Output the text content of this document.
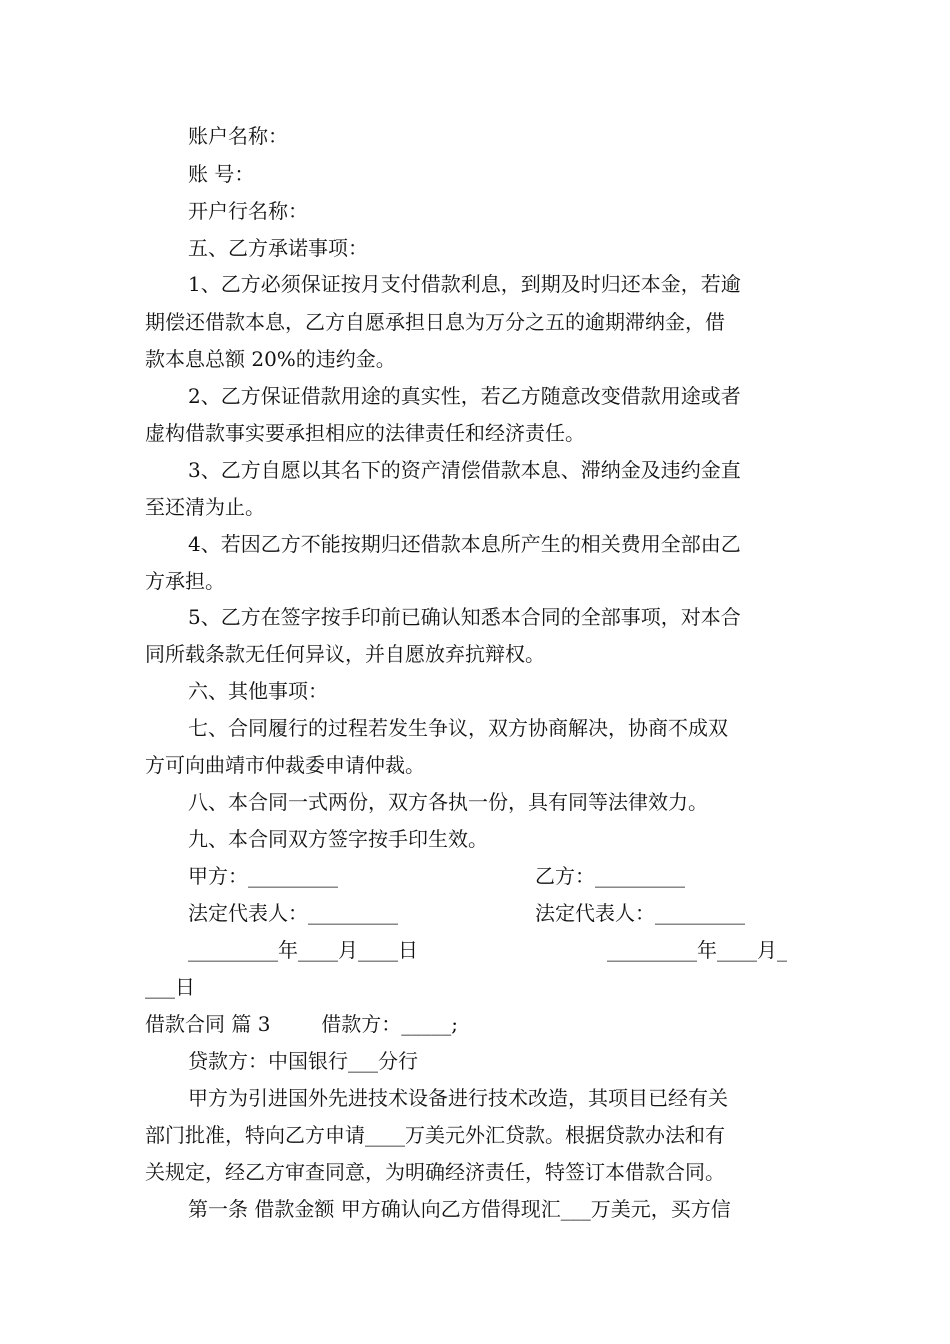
账户名称：
账 号：
开户行名称：
五、乙方承诺事项：
1、乙方必须保证按月支付借款利息，到期及时归还本金，若逾
期偿还借款本息，乙方自愿承担日息为万分之五的逾期滞纳金，借
款本息总额 20%的违约金。
2、乙方保证借款用途的真实性，若乙方随意改变借款用途或者
虚构借款事实要承担相应的法律责任和经济责任。
3、乙方自愿以其名下的资产清偿借款本息、滞纳金及违约金直
至还清为止。
4、若因乙方不能按期归还借款本息所产生的相关费用全部由乙
方承担。
5、乙方在签字按手印前已确认知悉本合同的全部事项，对本合
同所载条款无任何异议，并自愿放弃抗辩权。
六、其他事项：
七、合同履行的过程若发生争议，双方协商解决，协商不成双
方可向曲靖市仲裁委申请仲裁。
八、本合同一式两份，双方各执一份，具有同等法律效力。
九、本合同双方签字按手印生效。
甲方：_________	乙方：_________
法定代表人：_________	法定代表人：_________
_________年____月____日	_________年____月_
___日
借款合同 篇 3        借款方：_____;
贷款方：中国银行___分行
甲方为引进国外先进技术设备进行技术改造，其项目已经有关
部门批准，特向乙方申请____万美元外汇贷款。根据贷款办法和有
关规定，经乙方审查同意，为明确经济责任，特签订本借款合同。
第一条 借款金额 甲方确认向乙方借得现汇___万美元，买方信
